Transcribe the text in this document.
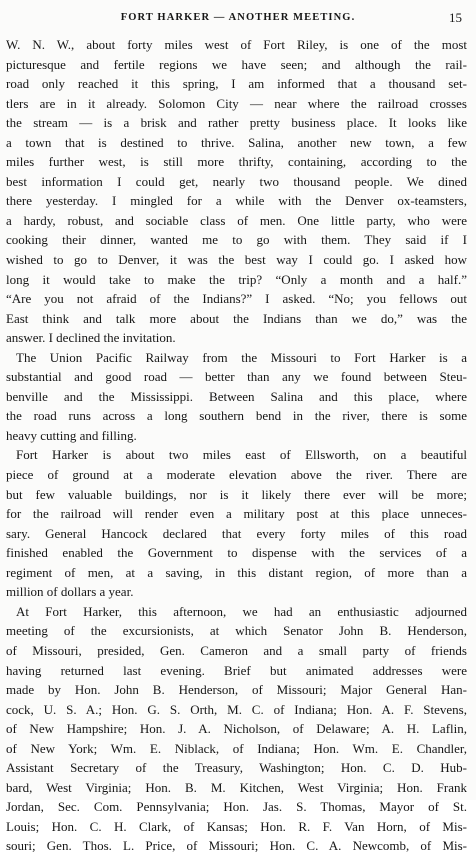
FORT HARKER — ANOTHER MEETING.	15
W. N. W., about forty miles west of Fort Riley, is one of the most
picturesque and fertile regions we have seen; and although the rail-
road only reached it this spring, I am informed that a thousand set-
tlers are in it already. Solomon City — near where the railroad crosses
the stream — is a brisk and rather pretty business place. It looks like
a town that is destined to thrive. Salina, another new town, a few
miles further west, is still more thrifty, containing, according to the
best information I could get, nearly two thousand people. We dined
there yesterday. I mingled for a while with the Denver ox-teamsters,
a hardy, robust, and sociable class of men. One little party, who were
cooking their dinner, wanted me to go with them. They said if I
wished to go to Denver, it was the best way I could go. I asked how
long it would take to make the trip? “Only a month and a half.”
“Are you not afraid of the Indians?” I asked. “No; you fellows out
East think and talk more about the Indians than we do,” was the
answer. I declined the invitation.
The Union Pacific Railway from the Missouri to Fort Harker is a
substantial and good road — better than any we found between Steu-
benville and the Mississippi. Between Salina and this place, where
the road runs across a long southern bend in the river, there is some
heavy cutting and filling.
Fort Harker is about two miles east of Ellsworth, on a beautiful
piece of ground at a moderate elevation above the river. There are
but few valuable buildings, nor is it likely there ever will be more;
for the railroad will render even a military post at this place unneces-
sary. General Hancock declared that every forty miles of this road
finished enabled the Government to dispense with the services of a
regiment of men, at a saving, in this distant region, of more than a
million of dollars a year.
At Fort Harker, this afternoon, we had an enthusiastic adjourned
meeting of the excursionists, at which Senator John B. Henderson,
of Missouri, presided, Gen. Cameron and a small party of friends
having returned last evening. Brief but animated addresses were
made by Hon. John B. Henderson, of Missouri; Major General Han-
cock, U. S. A.; Hon. G. S. Orth, M. C. of Indiana; Hon. A. F. Stevens,
of New Hampshire; Hon. J. A. Nicholson, of Delaware; A. H. Laflin,
of New York; Wm. E. Niblack, of Indiana; Hon. Wm. E. Chandler,
Assistant Secretary of the Treasury, Washington; Hon. C. D. Hub-
bard, West Virginia; Hon. B. M. Kitchen, West Virginia; Hon. Frank
Jordan, Sec. Com. Pennsylvania; Hon. Jas. S. Thomas, Mayor of St.
Louis; Hon. C. H. Clark, of Kansas; Hon. R. F. Van Horn, of Mis-
souri; Gen. Thos. L. Price, of Missouri; Hon. C. A. Newcomb, of Mis-
